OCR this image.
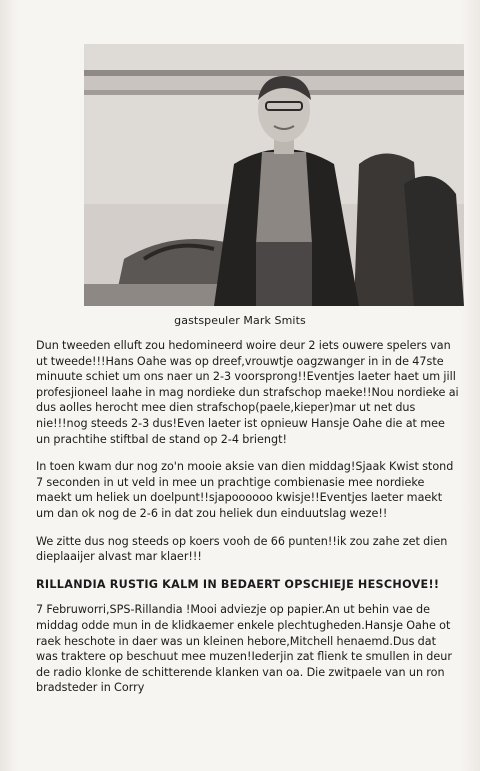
gastspeuler Mark Smits

Dun tweeden elluft zou hedomineerd woire deur 2 iets ouwere spelers van ut tweede!!!Hans Oahe was op dreef,vrouwtje oagzwanger in in de 47ste minuute schiet um ons naer un 2-3 voorsprong!!Eventjes laeter haet um jill profesjioneel laahe in mag nordieke dun strafschop maeke!!Nou nordieke ai dus aolles herocht mee dien strafschop(paele,kieper)mar ut net dus nie!!!nog steeds 2-3 dus!Even laeter ist opnieuw Hansje Oahe die at mee un prachtihe stiftbal de stand op 2-4 briengt!

In toen kwam dur nog zo'n mooie aksie van dien middag!Sjaak Kwist stond 7 seconden in ut veld in mee un prachtige combienasie mee nordieke maekt um heliek un doelpunt!!sjapoooooo kwisje!!Eventjes laeter maekt um dan ok nog de 2-6 in dat zou heliek dun einduutslag weze!!

We zitte dus nog steeds op koers vooh de 66 punten!!ik zou zahe zet dien dieplaaijer alvast mar klaer!!!

RILLANDIA RUSTIG KALM IN BEDAERT OPSCHIEJE HESCHOVE!!

7 Februworri,SPS-Rillandia !Mooi adviezje op papier.An ut behin vae de middag odde mun in de klidkaemer enkele plechtugheden.Hansje Oahe ot raek heschote in daer was un kleinen hebore,Mitchell henaemd.Dus dat was traktere op beschuut mee muzen!Iederjin zat flienk te smullen in deur de radio klonke de schitterende klanken van oa. Die zwitpaele van un ron bradsteder in Corry
